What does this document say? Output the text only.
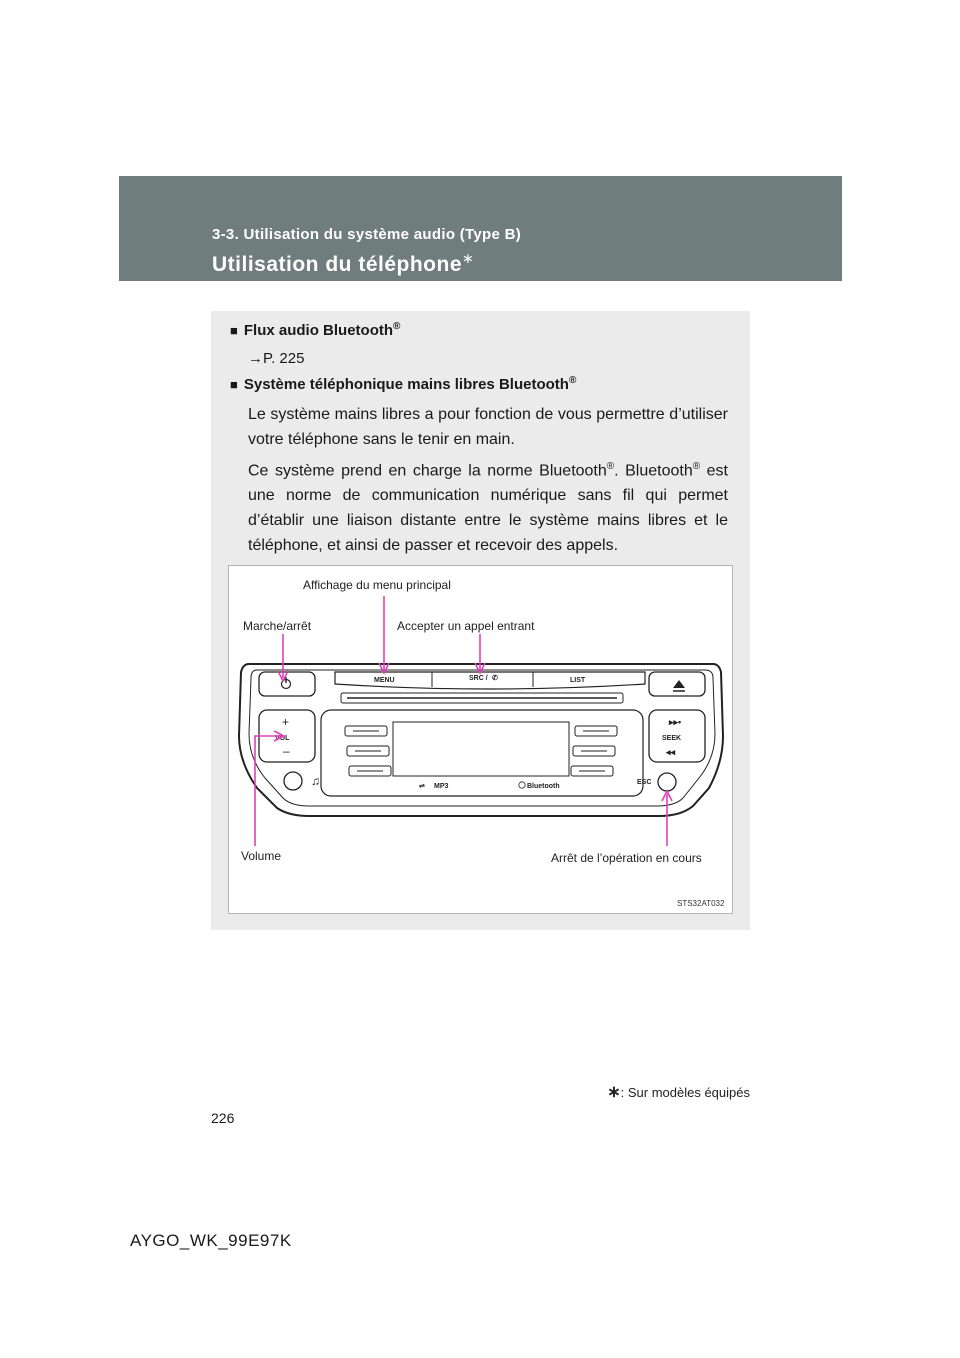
3-3. Utilisation du système audio (Type B)
Utilisation du téléphone∗
■ Flux audio Bluetooth®
→P. 225
■ Système téléphonique mains libres Bluetooth®
Le système mains libres a pour fonction de vous permettre d’utiliser votre téléphone sans le tenir en main.
Ce système prend en charge la norme Bluetooth®. Bluetooth® est une norme de communication numérique sans fil qui permet d’établir une liaison distante entre le système mains libres et le téléphone, et ainsi de passer et recevoir des appels.
MENU	SRC / ✆	LIST
⇌ MP3	Bluetooth
+
VOL
–
♫
▸▸•
SEEK
◂◂
ESC
Affichage du menu principal
Marche/arrêt	Accepter un appel entrant
Volume	Arrêt de l’opération en cours
STS32AT032
∗: Sur modèles équipés
226
AYGO_WK_99E97K
